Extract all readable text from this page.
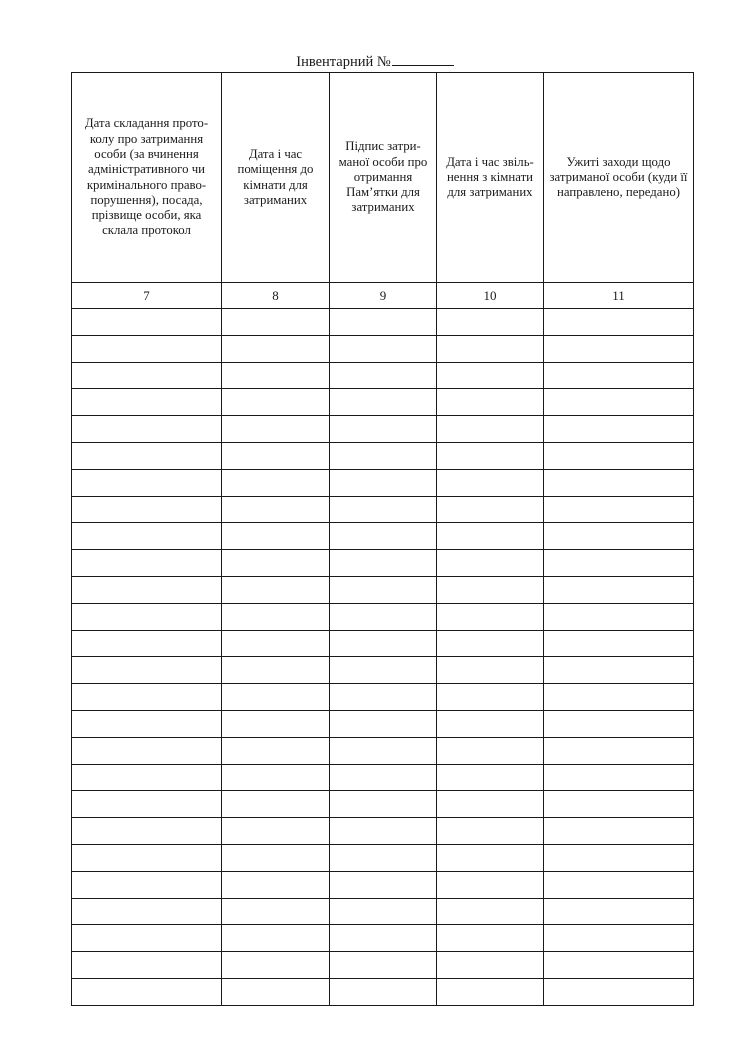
Інвентарний №
Дата складання прото-колу про затримання особи (за вчинення адміністративного чи кримінального право-порушення), посада, прізвище особи, яка склала протокол	Дата і час поміщення до кімнати для затриманих	Підпис затри-маної особи про отримання Пам’ятки для затриманих	Дата і час звіль-нення з кімнати для затриманих	Ужиті заходи щодо затриманої особи (куди її направлено, передано)

7	8	9	10	11
